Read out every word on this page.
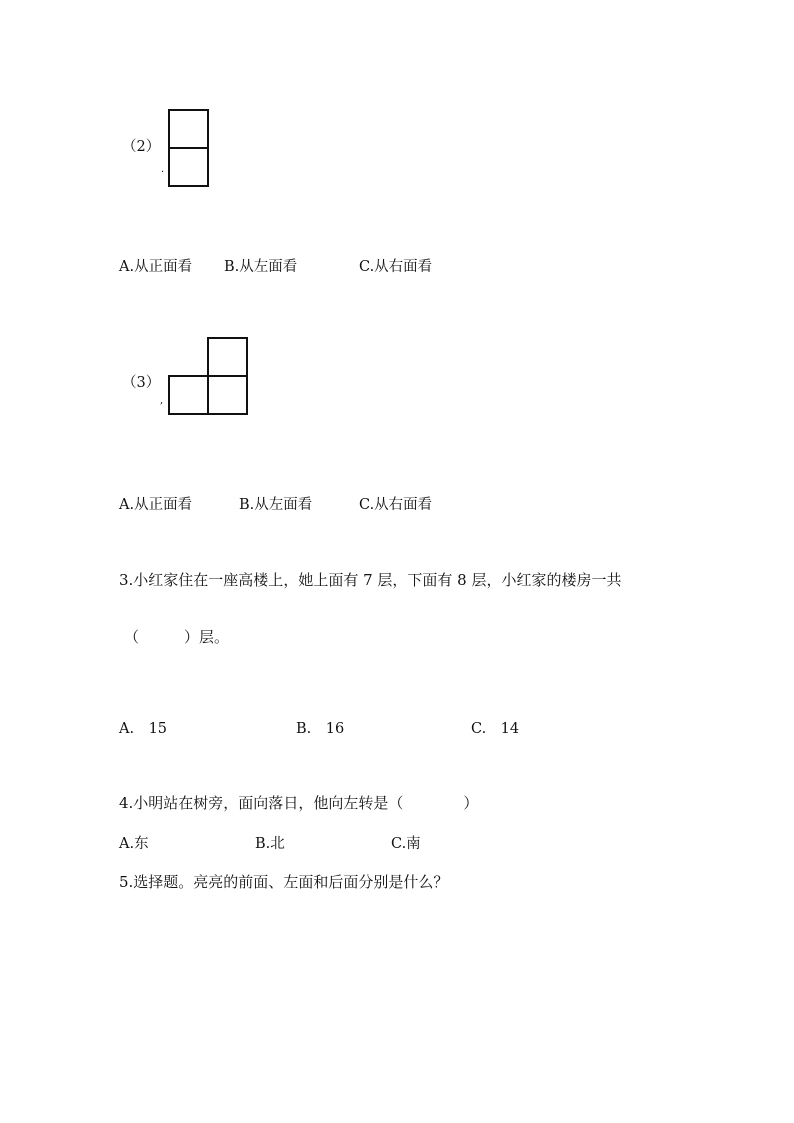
（2）
·
A.从正面看 B.从左面看	C.从右面看
（3）
,
A.从正面看	B.从左面看	C.从右面看
3.小红家住在一座高楼上，她上面有 7 层，下面有 8 层，小红家的楼房一共
（　　　）层。
A.　15	B.　16	C.　14
4.小明站在树旁，面向落日，他向左转是（　　　　）
A.东	B.北	C.南
5.选择题。亮亮的前面、左面和后面分别是什么？
